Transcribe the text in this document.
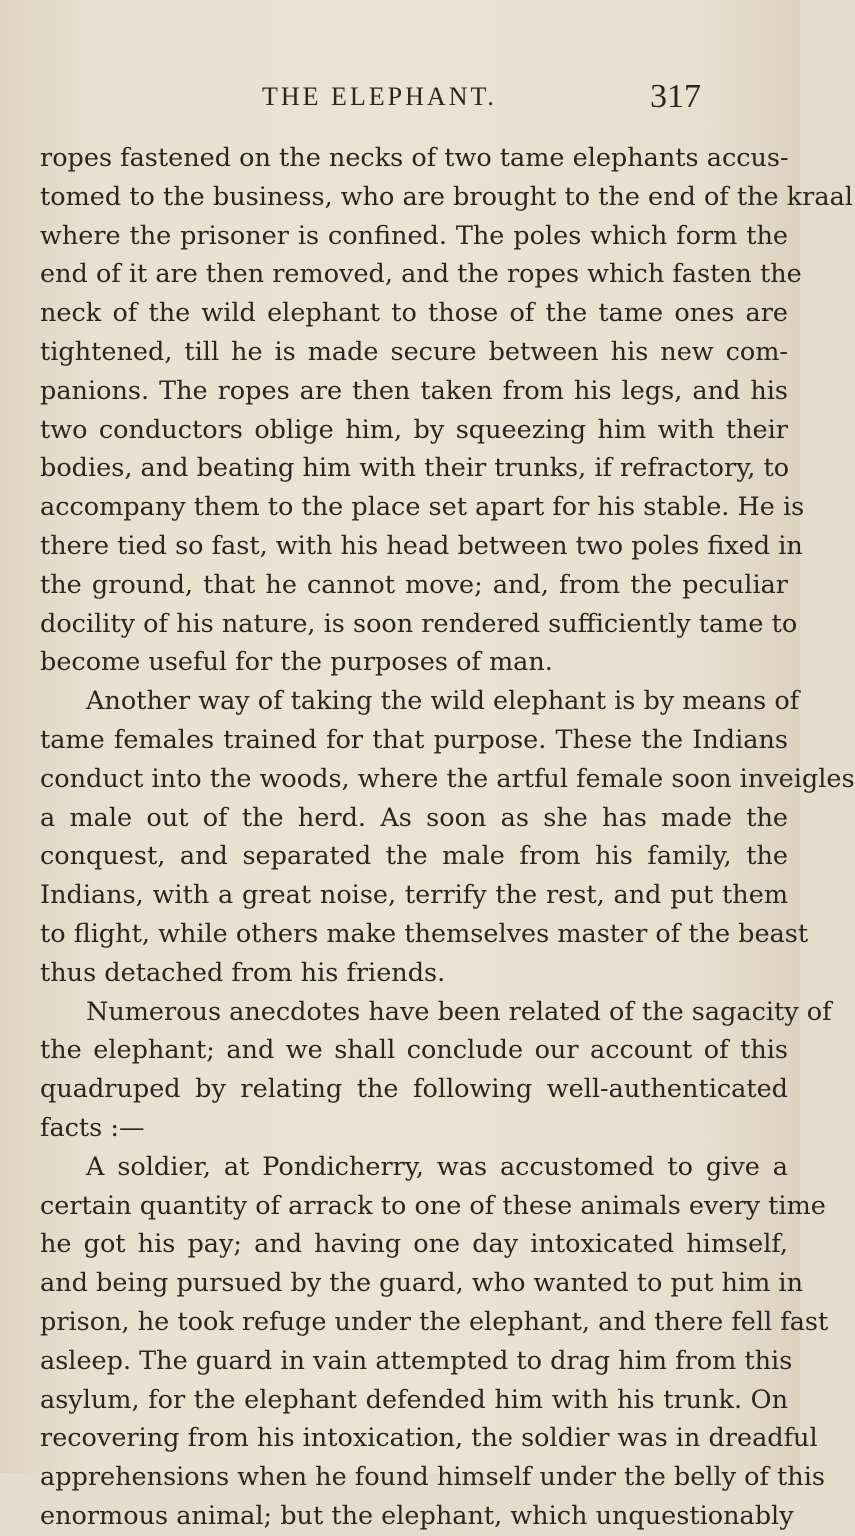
THE ELEPHANT.	317
ropes fastened on the necks of two tame elephants accus-
tomed to the business, who are brought to the end of the kraal
where the prisoner is confined. The poles which form the
end of it are then removed, and the ropes which fasten the
neck of the wild elephant to those of the tame ones are
tightened, till he is made secure between his new com-
panions. The ropes are then taken from his legs, and his
two conductors oblige him, by squeezing him with their
bodies, and beating him with their trunks, if refractory, to
accompany them to the place set apart for his stable. He is
there tied so fast, with his head between two poles fixed in
the ground, that he cannot move; and, from the peculiar
docility of his nature, is soon rendered sufficiently tame to
become useful for the purposes of man.
Another way of taking the wild elephant is by means of
tame females trained for that purpose. These the Indians
conduct into the woods, where the artful female soon inveigles
a male out of the herd. As soon as she has made the
conquest, and separated the male from his family, the
Indians, with a great noise, terrify the rest, and put them
to flight, while others make themselves master of the beast
thus detached from his friends.
Numerous anecdotes have been related of the sagacity of
the elephant; and we shall conclude our account of this
quadruped by relating the following well-authenticated
facts :—
A soldier, at Pondicherry, was accustomed to give a
certain quantity of arrack to one of these animals every time
he got his pay; and having one day intoxicated himself,
and being pursued by the guard, who wanted to put him in
prison, he took refuge under the elephant, and there fell fast
asleep. The guard in vain attempted to drag him from this
asylum, for the elephant defended him with his trunk. On
recovering from his intoxication, the soldier was in dreadful
apprehensions when he found himself under the belly of this
enormous animal; but the elephant, which unquestionably
